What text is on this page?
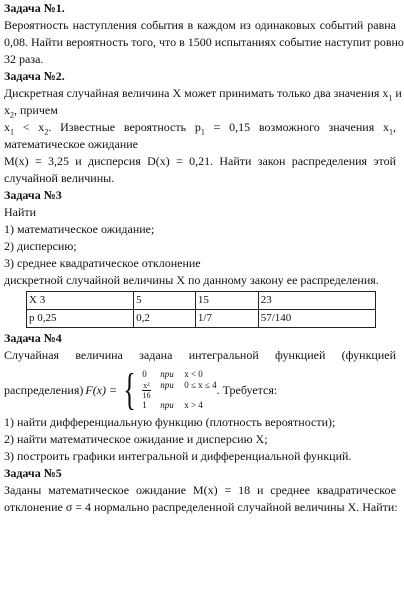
Задача №1.

Вероятность наступления события в каждом из одинаковых событий равна

0,08. Найти вероятность того, что в 1500 испытаниях событие наступит ровно

32 раза.

Задача №2.

Дискретная случайная величина X может принимать только два значения $x_1$ и

$x_2$, причем

$x_1 < x_2$. Известные вероятность $p_1 = 0,15$ возможного значения $x_1$,

математическое ожидание

M(x) = 3,25 и дисперсия D(x) = 0,21. Найти закон распределения этой

случайной величины.

Задача №3

Найти

1) математическое ожидание;

2) дисперсию;

3) среднее квадратическое отклонение

дискретной случайной величины X по данному закону ее распределения.

X 3	5	15	23
p 0,25	0,2	1/7	57/140

Задача №4

Случайная величина задана интегральной функцией (функцией

распределения) F(x) = { 0	при	x < 0
$\frac{\text{x²}}{16}$ при	0 ≤ x ≤ 4
1	при	x > 4
. Требуется:

1) найти дифференциальную функцию (плотность вероятности);

2) найти математическое ожидание и дисперсию X;

3) построить графики интегральной и дифференциальной функций.

Задача №5

Заданы математическое ожидание M(x) = 18 и среднее квадратическое

отклонение σ = 4 нормально распределенной случайной величины X. Найти:
